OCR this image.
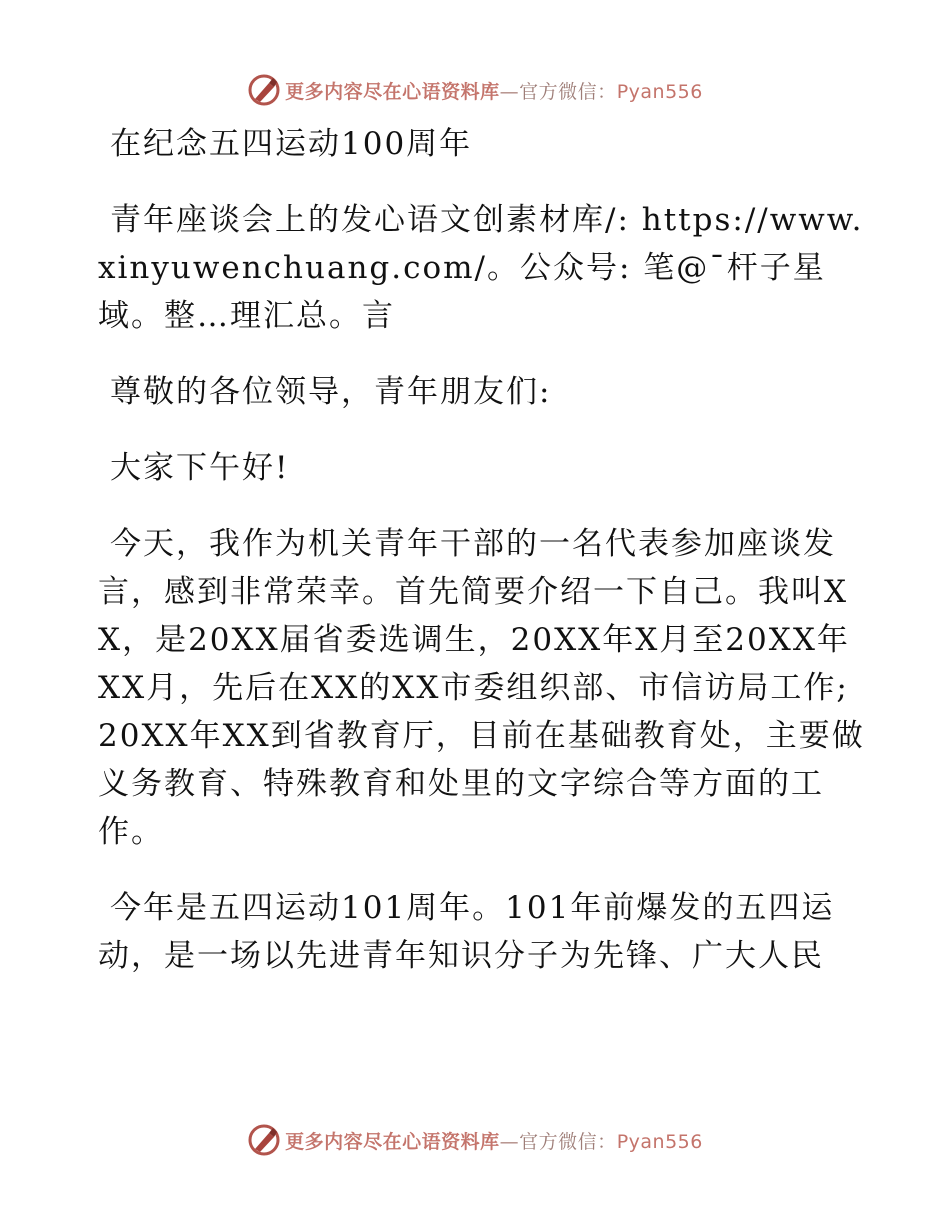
更多内容尽在心语资料库—官方微信：Pyan556

在纪念五四运动100周年

青年座谈会上的发心语文创素材库/: https://www.xinyuwenchuang.com/。公众号: 笔@¯杆子星域。整…理汇总。言

尊敬的各位领导，青年朋友们:

大家下午好!

今天，我作为机关青年干部的一名代表参加座谈发言，感到非常荣幸。首先简要介绍一下自己。我叫XX，是20XX届省委选调生，20XX年X月至20XX年XX月，先后在XX的XX市委组织部、市信访局工作; 20XX年XX到省教育厅，目前在基础教育处，主要做义务教育、特殊教育和处里的文字综合等方面的工作。

今年是五四运动101周年。101年前爆发的五四运动，是一场以先进青年知识分子为先锋、广大人民

更多内容尽在心语资料库—官方微信：Pyan556
